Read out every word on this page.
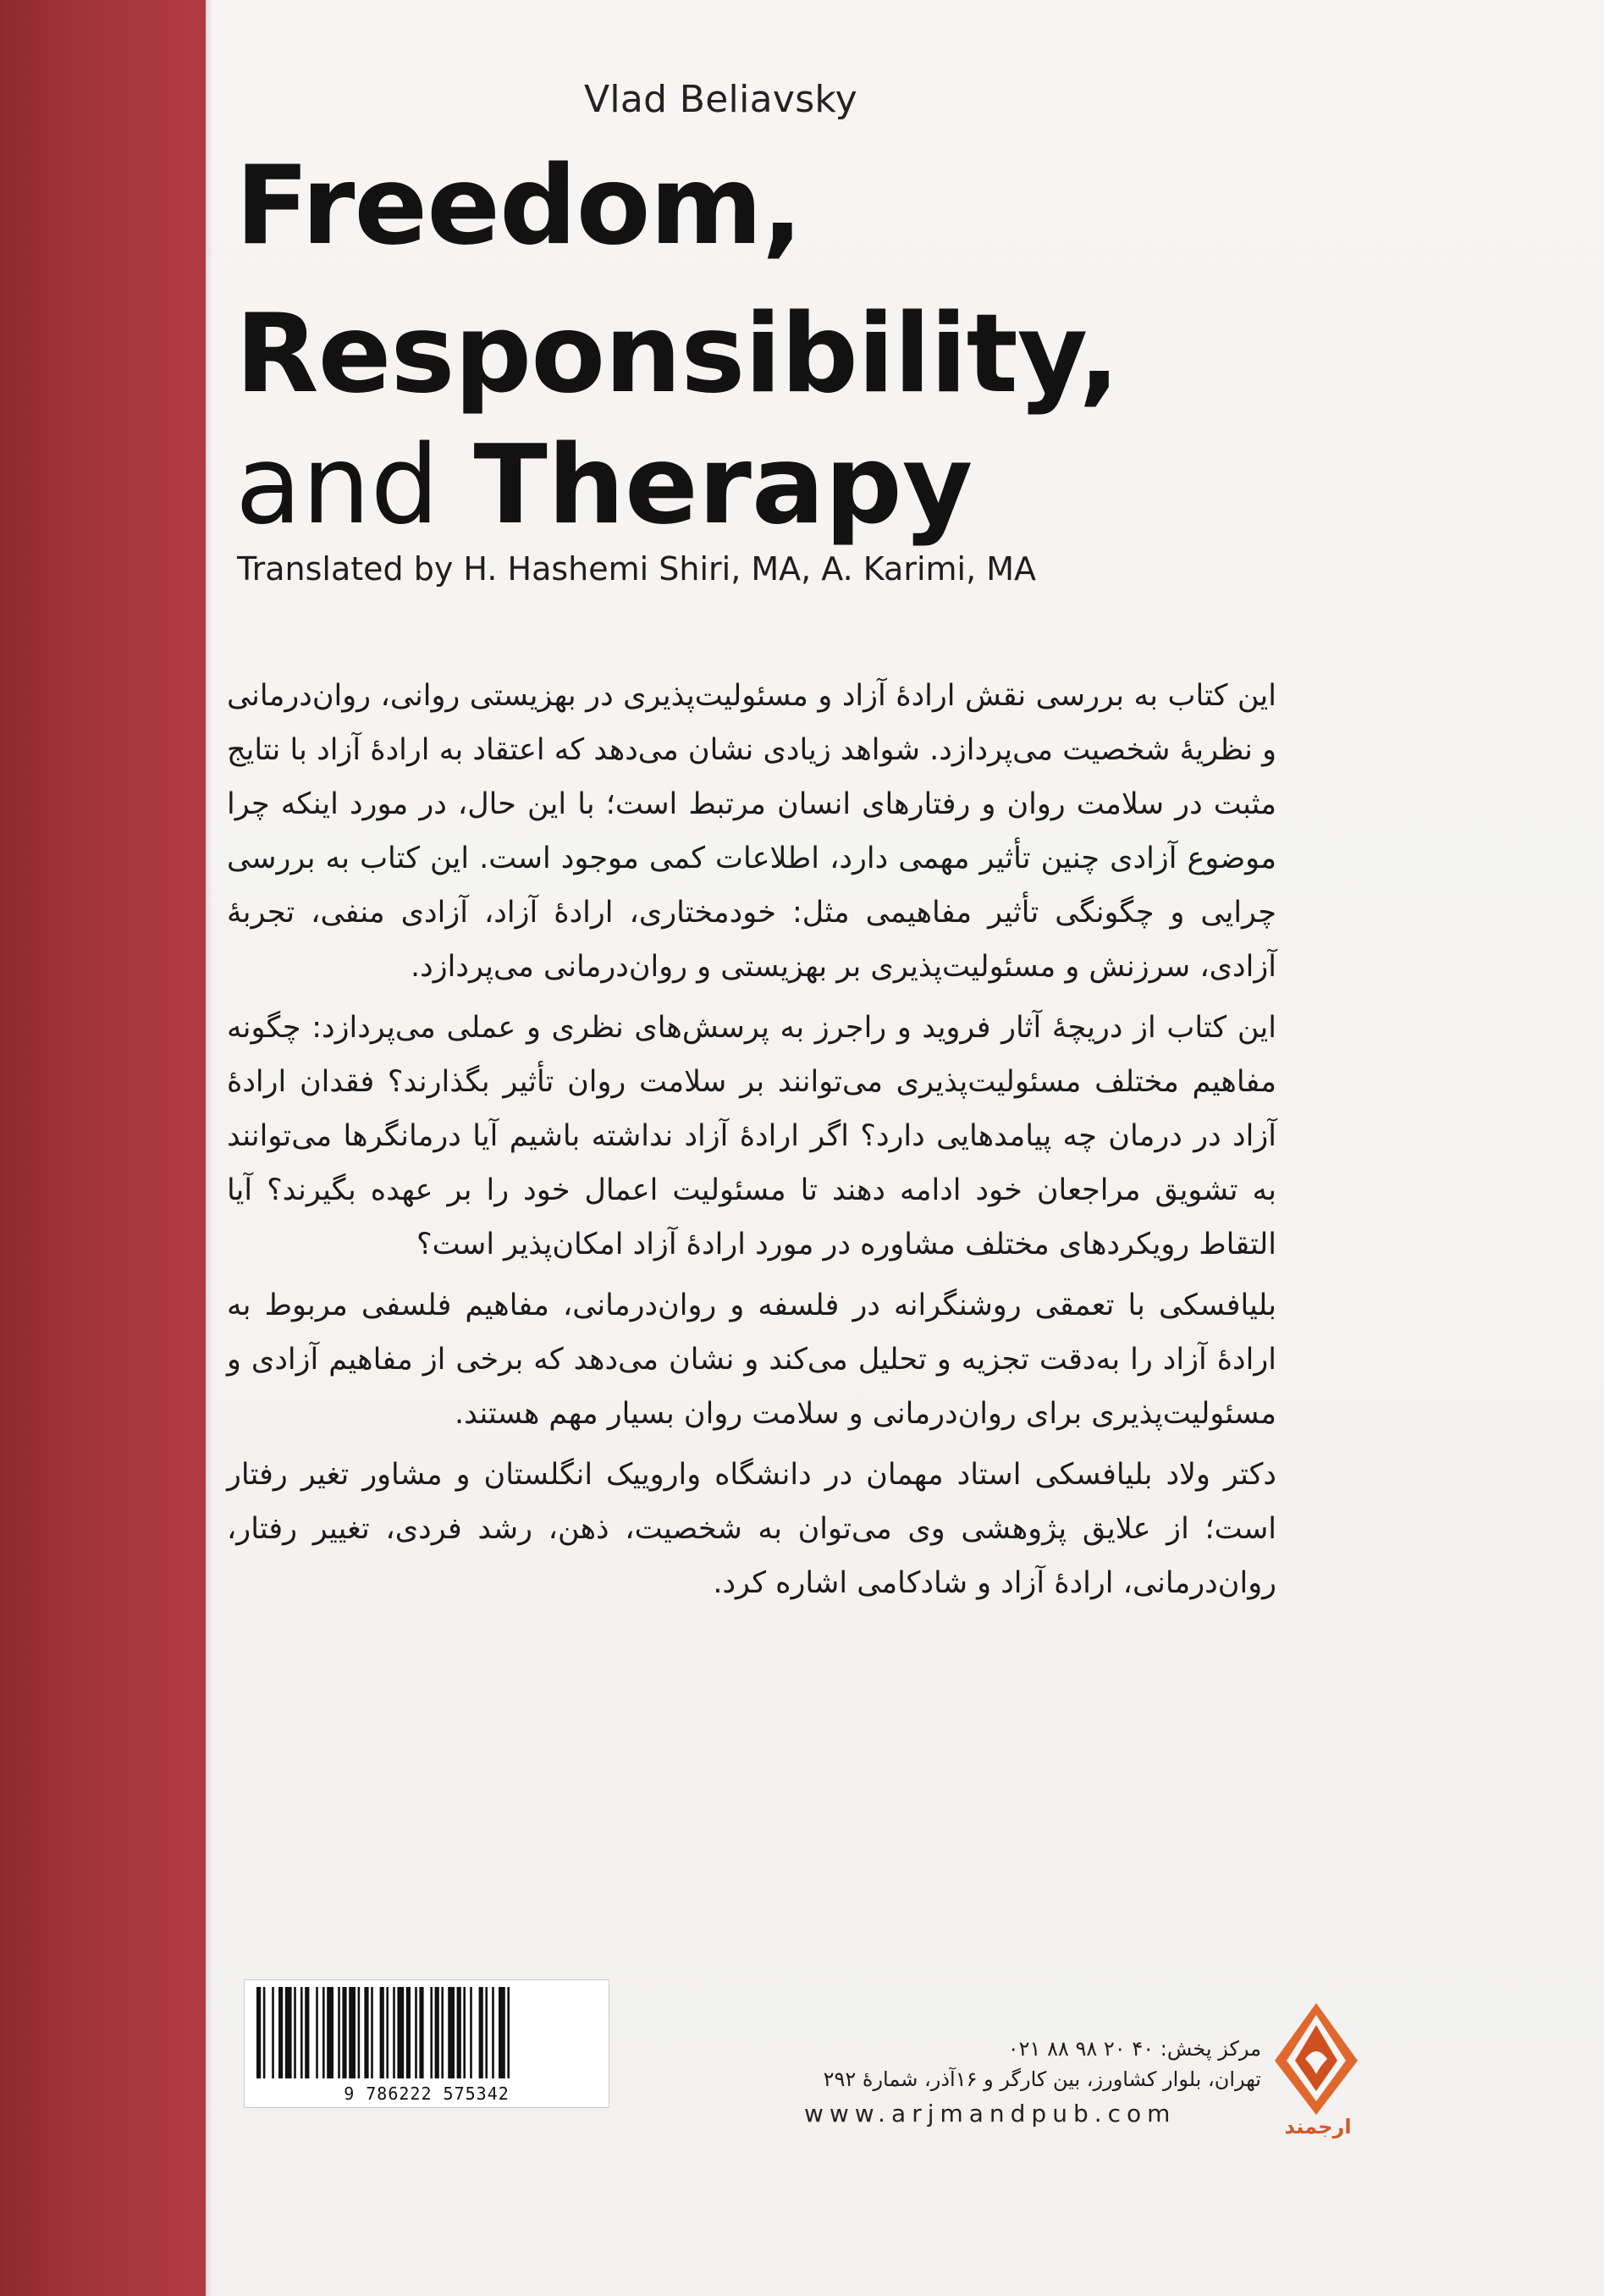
Vlad Beliavsky
Freedom,
Responsibility,
and Therapy
Translated by H. Hashemi Shiri, MA, A. Karimi, MA

این کتاب به بررسی نقش ارادهٔ آزاد و مسئولیت‌پذیری در بهزیستی روانی، روان‌درمانی و نظریهٔ شخصیت می‌پردازد. شواهد زیادی نشان می‌دهد که اعتقاد به ارادهٔ آزاد با نتایج مثبت در سلامت روان و رفتارهای انسان مرتبط است؛ با این حال، در مورد اینکه چرا موضوع آزادی چنین تأثیر مهمی دارد، اطلاعات کمی موجود است. این کتاب به بررسی چرایی و چگونگی تأثیر مفاهیمی مثل: خودمختاری، ارادهٔ آزاد، آزادی منفی، تجربهٔ آزادی، سرزنش و مسئولیت‌پذیری بر بهزیستی و روان‌درمانی می‌پردازد.

این کتاب از دریچهٔ آثار فروید و راجرز به پرسش‌های نظری و عملی می‌پردازد: چگونه مفاهیم مختلف مسئولیت‌پذیری می‌توانند بر سلامت روان تأثیر بگذارند؟ فقدان ارادهٔ آزاد در درمان چه پیامدهایی دارد؟ اگر ارادهٔ آزاد نداشته باشیم آیا درمانگرها می‌توانند به تشویق مراجعان خود ادامه دهند تا مسئولیت اعمال خود را بر عهده بگیرند؟ آیا التقاط رویکردهای مختلف مشاوره در مورد ارادهٔ آزاد امکان‌پذیر است؟

بلیافسکی با تعمقی روشنگرانه در فلسفه و روان‌درمانی، مفاهیم فلسفی مربوط به ارادهٔ آزاد را به‌دقت تجزیه و تحلیل می‌کند و نشان می‌دهد که برخی از مفاهیم آزادی و مسئولیت‌پذیری برای روان‌درمانی و سلامت روان بسیار مهم هستند.

دکتر ولاد بلیافسکی استاد مهمان در دانشگاه واروییک انگلستان و مشاور تغیر رفتار است؛ از علایق پژوهشی وی می‌توان به شخصیت، ذهن، رشد فردی، تغییر رفتار، روان‌درمانی، ارادهٔ آزاد و شادکامی اشاره کرد.

9 786222 575342
مرکز پخش: ۴۰ ۲۰ ۹۸ ۸۸ ۰۲۱
تهران، بلوار کشاورز، بین کارگر و ۱۶آذر، شمارهٔ ۲۹۲
www.arjmandpub.com	ارجمند
